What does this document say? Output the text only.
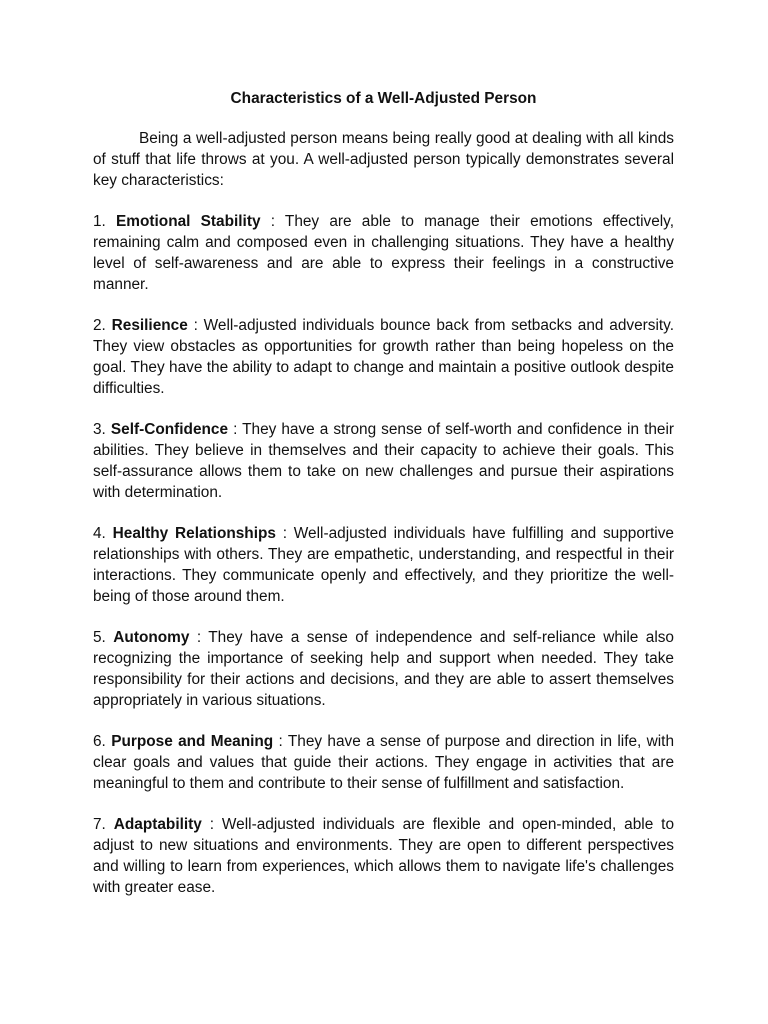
Characteristics of a Well-Adjusted Person

Being a well-adjusted person means being really good at dealing with all kinds of stuff that life throws at you. A well-adjusted person typically demonstrates several key characteristics:

1. Emotional Stability : They are able to manage their emotions effectively, remaining calm and composed even in challenging situations. They have a healthy level of self-awareness and are able to express their feelings in a constructive manner.

2. Resilience : Well-adjusted individuals bounce back from setbacks and adversity. They view obstacles as opportunities for growth rather than being hopeless on the goal. They have the ability to adapt to change and maintain a positive outlook despite difficulties.

3. Self-Confidence : They have a strong sense of self-worth and confidence in their abilities. They believe in themselves and their capacity to achieve their goals. This self-assurance allows them to take on new challenges and pursue their aspirations with determination.

4. Healthy Relationships : Well-adjusted individuals have fulfilling and supportive relationships with others. They are empathetic, understanding, and respectful in their interactions. They communicate openly and effectively, and they prioritize the well-being of those around them.

5. Autonomy : They have a sense of independence and self-reliance while also recognizing the importance of seeking help and support when needed. They take responsibility for their actions and decisions, and they are able to assert themselves appropriately in various situations.

6. Purpose and Meaning : They have a sense of purpose and direction in life, with clear goals and values that guide their actions. They engage in activities that are meaningful to them and contribute to their sense of fulfillment and satisfaction.

7. Adaptability : Well-adjusted individuals are flexible and open-minded, able to adjust to new situations and environments. They are open to different perspectives and willing to learn from experiences, which allows them to navigate life's challenges with greater ease.
